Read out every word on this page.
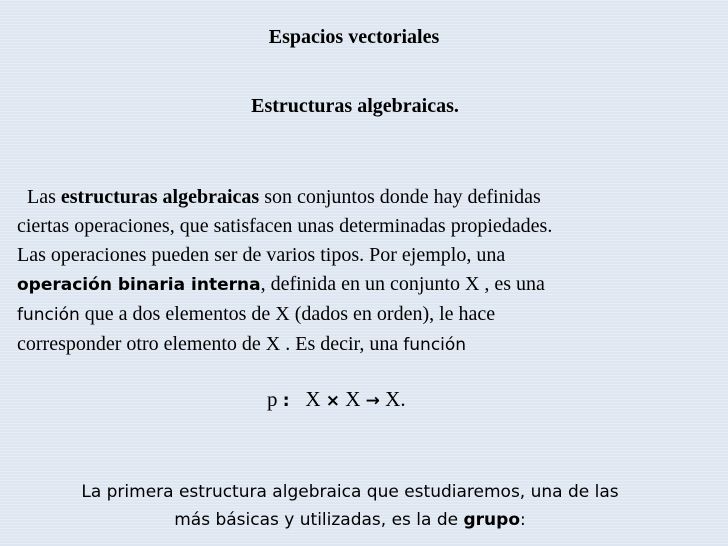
Espacios vectoriales
Estructuras algebraicas.
Las estructuras algebraicas son conjuntos donde hay definidas
ciertas operaciones, que satisfacen unas determinadas propiedades.
Las operaciones pueden ser de varios tipos. Por ejemplo, una
operación binaria interna, definida en un conjunto X , es una
función que a dos elementos de X (dados en orden), le hace
corresponder otro elemento de X . Es decir, una función
p : X × X → X.
La primera estructura algebraica que estudiaremos, una de las
más básicas y utilizadas, es la de grupo:
